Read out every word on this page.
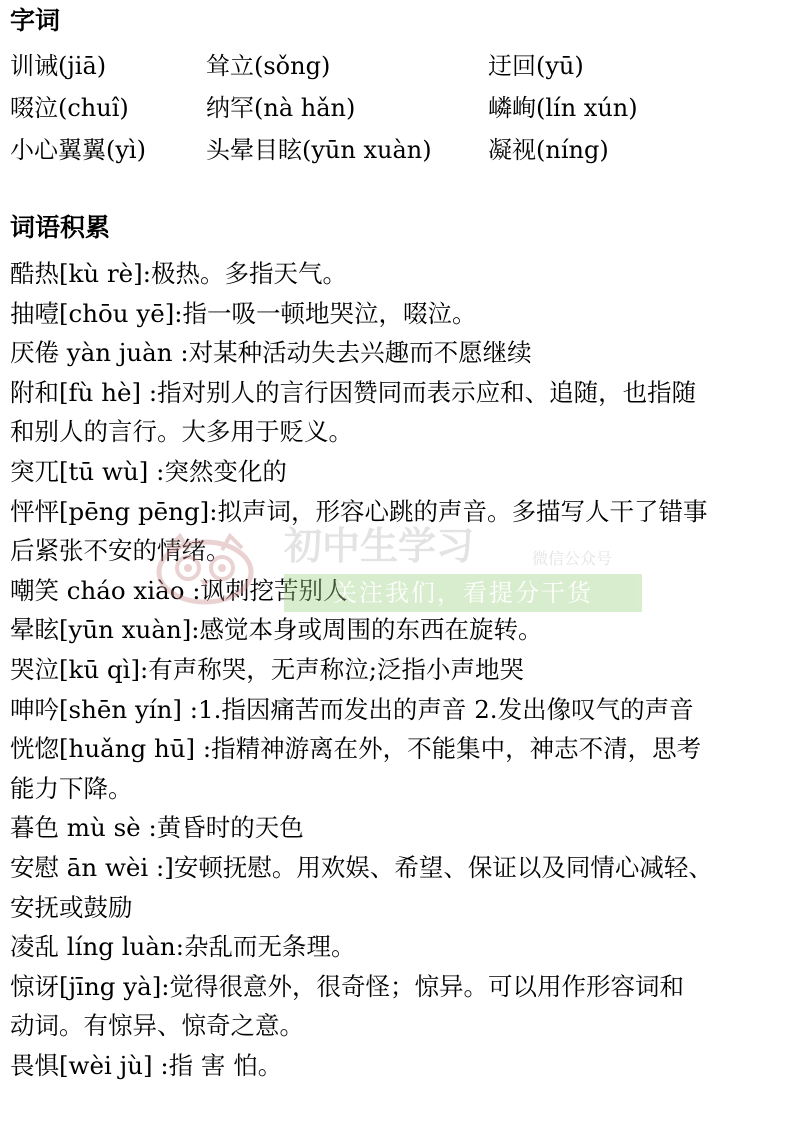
字词
训诫(jiā)	耸立(sǒng)	迂回(yū)
啜泣(chuî)	纳罕(nà hǎn)	嶙峋(lín xún)
小心翼翼(yì)	头晕目眩(yūn xuàn) 凝视(níng)
词语积累

酷热[kù rè]:极热。多指天气。

抽噎[chōu yē]:指一吸一顿地哭泣，啜泣。

厌倦 yàn juàn :对某种活动失去兴趣而不愿继续

附和[fù hè] :指对别人的言行因赞同而表示应和、追随，也指随

和别人的言行。大多用于贬义。

突兀[tū wù] :突然变化的

怦怦[pēng pēng]:拟声词，形容心跳的声音。多描写人干了错事

后紧张不安的情绪。

嘲笑 cháo xiào :讽刺挖苦别人

晕眩[yūn xuàn]:感觉本身或周围的东西在旋转。

哭泣[kū qì]:有声称哭，无声称泣;泛指小声地哭

呻吟[shēn yín] :1.指因痛苦而发出的声音 2.发出像叹气的声音

恍惚[huǎng hū] :指精神游离在外，不能集中，神志不清，思考

能力下降。

暮色 mù sè :黄昏时的天色

安慰 ān wèi :]安顿抚慰。用欢娱、希望、保证以及同情心减轻、

安抚或鼓励

凌乱 líng luàn:杂乱而无条理。

惊讶[jīng yà]:觉得很意外，很奇怪；惊异。可以用作形容词和

动词。有惊异、惊奇之意。

畏惧[wèi jù] :指 害 怕。

初中生学习	微信公众号
关注我们，看提分干货
